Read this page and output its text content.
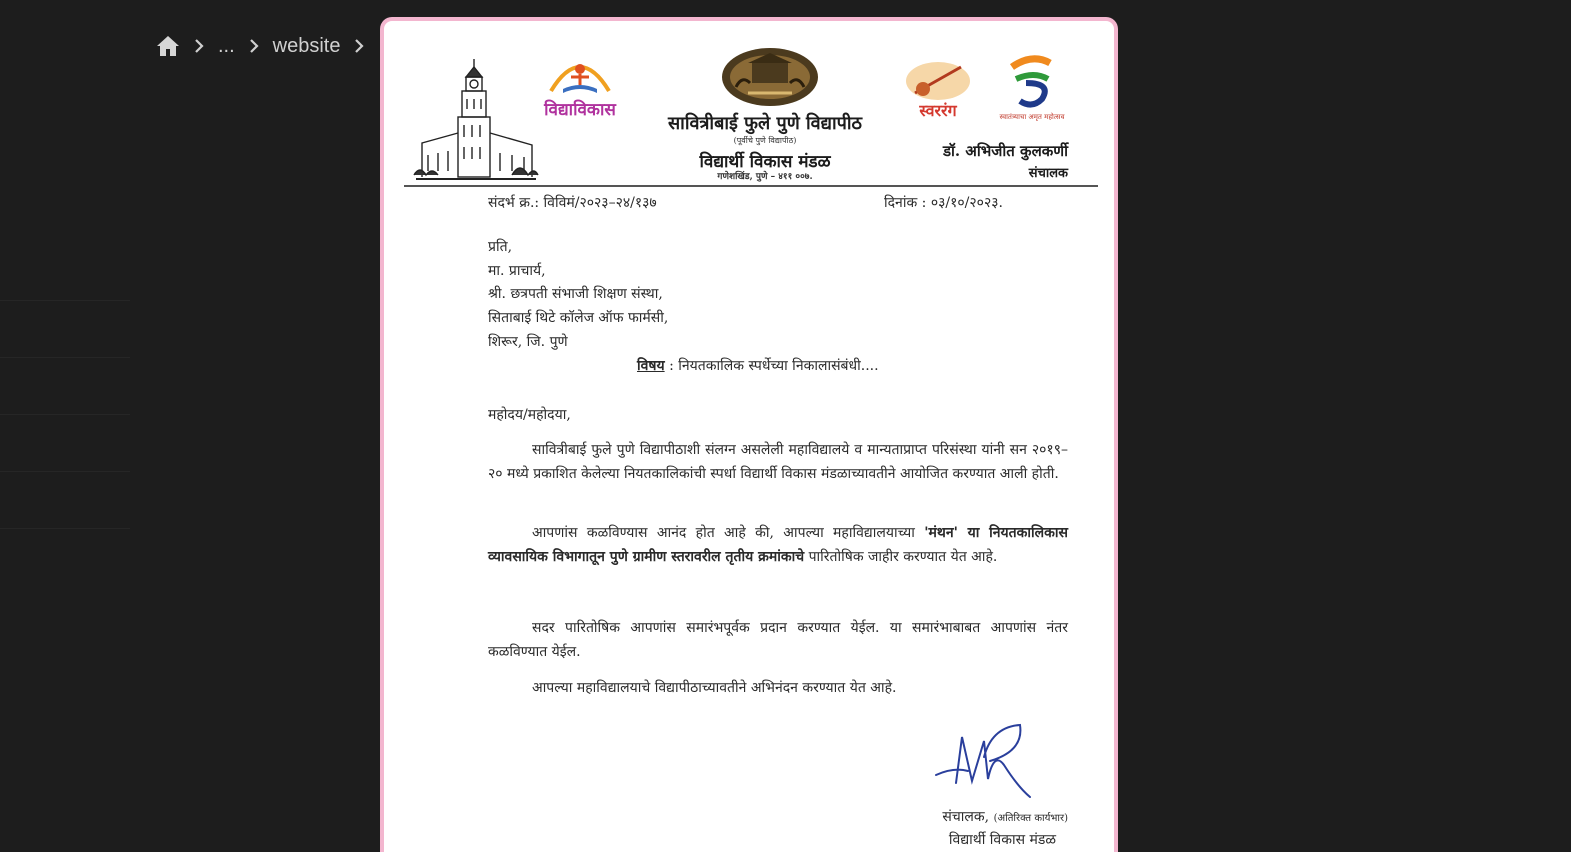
... website
विद्याविकास
सावित्रीबाई फुले पुणे विद्यापीठ
(पूर्वीचे पुणे विद्यापीठ)
विद्यार्थी विकास मंडळ
गणेशखिंड, पुणे – ४११ ००७.
स्वररंग	स्वातंत्र्याचा अमृत महोत्सव
डॉ. अभिजीत कुलकर्णी
संचालक
संदर्भ क्र.: विविमं/२०२३–२४/१३७	दिनांक : ०३/१०/२०२३.
प्रति,
मा. प्राचार्य,
श्री. छत्रपती संभाजी शिक्षण संस्था,
सिताबाई थिटे कॉलेज ऑफ फार्मसी,
शिरूर, जि. पुणे
विषय : नियतकालिक स्पर्धेच्या निकालासंबंधी....
महोदय/महोदया,
सावित्रीबाई फुले पुणे विद्यापीठाशी संलग्न असलेली महाविद्यालये व मान्यताप्राप्त परिसंस्था यांनी सन २०१९–२० मध्ये प्रकाशित केलेल्या नियतकालिकांची स्पर्धा विद्यार्थी विकास मंडळाच्यावतीने आयोजित करण्यात आली होती.
आपणांस कळविण्यास आनंद होत आहे की, आपल्या महाविद्यालयाच्या 'मंथन' या नियतकालिकास व्यावसायिक विभागातून पुणे ग्रामीण स्तरावरील तृतीय क्रमांकाचे पारितोषिक जाहीर करण्यात येत आहे.
सदर पारितोषिक आपणांस समारंभपूर्वक प्रदान करण्यात येईल. या समारंभाबाबत आपणांस नंतर कळविण्यात येईल.
आपल्या महाविद्यालयाचे विद्यापीठाच्यावतीने अभिनंदन करण्यात येत आहे.
संचालक, (अतिरिक्त कार्यभार)
विद्यार्थी विकास मंडळ
